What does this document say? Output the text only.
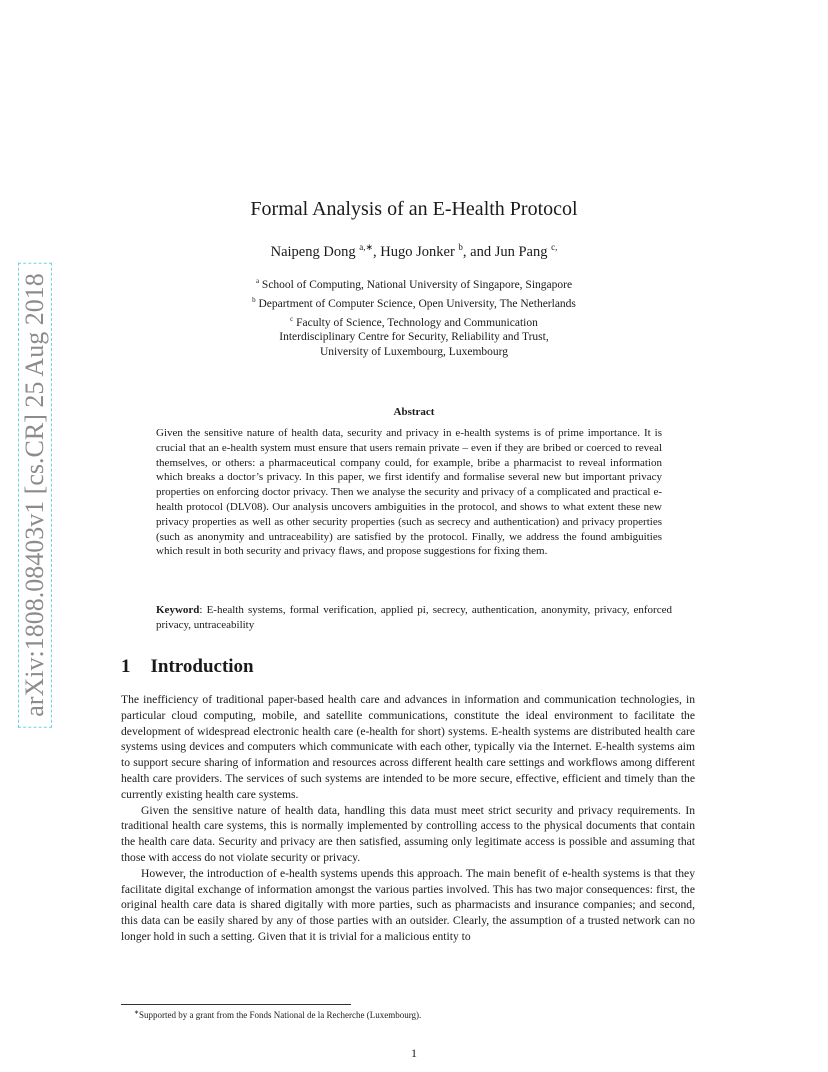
arXiv:1808.08403v1 [cs.CR] 25 Aug 2018
Formal Analysis of an E-Health Protocol
Naipeng Dong $^{a,∗}$, Hugo Jonker $^b$, and Jun Pang $^{c,}$
$^a$ School of Computing, National University of Singapore, Singapore
$^b$ Department of Computer Science, Open University, The Netherlands
$^c$ Faculty of Science, Technology and Communication
Interdisciplinary Centre for Security, Reliability and Trust,
University of Luxembourg, Luxembourg
Abstract
Given the sensitive nature of health data, security and privacy in e-health systems is of prime importance. It is crucial that an e-health system must ensure that users remain private – even if they are bribed or coerced to reveal themselves, or others: a pharmaceutical company could, for example, bribe a pharmacist to reveal information which breaks a doctor’s privacy. In this paper, we first identify and formalise several new but important privacy properties on enforcing doctor privacy. Then we analyse the security and privacy of a complicated and practical e-health protocol (DLV08). Our analysis uncovers ambiguities in the protocol, and shows to what extent these new privacy properties as well as other security properties (such as secrecy and authentication) and privacy properties (such as anonymity and untraceability) are satisfied by the protocol. Finally, we address the found ambiguities which result in both security and privacy flaws, and propose suggestions for fixing them.
Keyword: E-health systems, formal verification, applied pi, secrecy, authentication, anonymity, privacy, enforced privacy, untraceability
1 Introduction

The inefficiency of traditional paper-based health care and advances in information and communication technologies, in particular cloud computing, mobile, and satellite communications, constitute the ideal environment to facilitate the development of widespread electronic health care (e-health for short) systems. E-health systems are distributed health care systems using devices and computers which communicate with each other, typically via the Internet. E-health systems aim to support secure sharing of information and resources across different health care settings and workflows among different health care providers. The services of such systems are intended to be more secure, effective, efficient and timely than the currently existing health care systems.

Given the sensitive nature of health data, handling this data must meet strict security and privacy requirements. In traditional health care systems, this is normally implemented by controlling access to the physical documents that contain the health care data. Security and privacy are then satisfied, assuming only legitimate access is possible and assuming that those with access do not violate security or privacy.

However, the introduction of e-health systems upends this approach. The main benefit of e-health systems is that they facilitate digital exchange of information amongst the various parties involved. This has two major consequences: first, the original health care data is shared digitally with more parties, such as pharmacists and insurance companies; and second, this data can be easily shared by any of those parties with an outsider. Clearly, the assumption of a trusted network can no longer hold in such a setting. Given that it is trivial for a malicious entity to

∗Supported by a grant from the Fonds National de la Recherche (Luxembourg).
1
